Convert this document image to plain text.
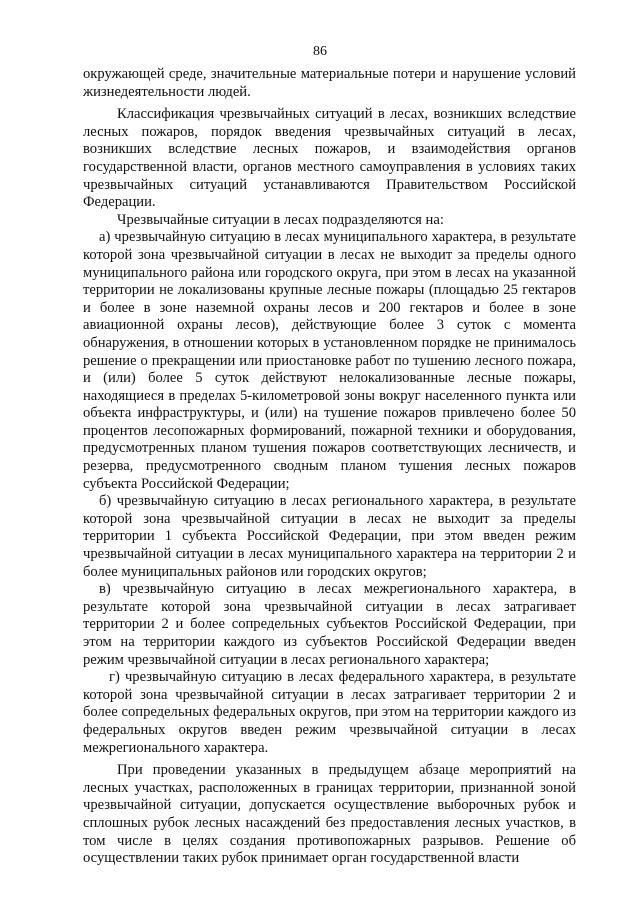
86

окружающей среде, значительные материальные потери и нарушение условий жизнедеятельности людей.

Классификация чрезвычайных ситуаций в лесах, возникших вследствие лесных пожаров, порядок введения чрезвычайных ситуаций в лесах, возникших вследствие лесных пожаров, и взаимодействия органов государственной власти, органов местного самоуправления в условиях таких чрезвычайных ситуаций устанавливаются Правительством Российской Федерации.

Чрезвычайные ситуации в лесах подразделяются на:

а) чрезвычайную ситуацию в лесах муниципального характера, в результате которой зона чрезвычайной ситуации в лесах не выходит за пределы одного муниципального района или городского округа, при этом в лесах на указанной территории не локализованы крупные лесные пожары (площадью 25 гектаров и более в зоне наземной охраны лесов и 200 гектаров и более в зоне авиационной охраны лесов), действующие более 3 суток с момента обнаружения, в отношении которых в установленном порядке не принималось решение о прекращении или приостановке работ по тушению лесного пожара, и (или) более 5 суток действуют нелокализованные лесные пожары, находящиеся в пределах 5-километровой зоны вокруг населенного пункта или объекта инфраструктуры, и (или) на тушение пожаров привлечено более 50 процентов лесопожарных формирований, пожарной техники и оборудования, предусмотренных планом тушения пожаров соответствующих лесничеств, и резерва, предусмотренного сводным планом тушения лесных пожаров субъекта Российской Федерации;

б) чрезвычайную ситуацию в лесах регионального характера, в результате которой зона чрезвычайной ситуации в лесах не выходит за пределы территории 1 субъекта Российской Федерации, при этом введен режим чрезвычайной ситуации в лесах муниципального характера на территории 2 и более муниципальных районов или городских округов;

в) чрезвычайную ситуацию в лесах межрегионального характера, в результате которой зона чрезвычайной ситуации в лесах затрагивает территории 2 и более сопредельных субъектов Российской Федерации, при этом на территории каждого из субъектов Российской Федерации введен режим чрезвычайной ситуации в лесах регионального характера;

г) чрезвычайную ситуацию в лесах федерального характера, в результате которой зона чрезвычайной ситуации в лесах затрагивает территории 2 и более сопредельных федеральных округов, при этом на территории каждого из федеральных округов введен режим чрезвычайной ситуации в лесах межрегионального характера.

При проведении указанных в предыдущем абзаце мероприятий на лесных участках, расположенных в границах территории, признанной зоной чрезвычайной ситуации, допускается осуществление выборочных рубок и сплошных рубок лесных насаждений без предоставления лесных участков, в том числе в целях создания противопожарных разрывов. Решение об осуществлении таких рубок принимает орган государственной власти
